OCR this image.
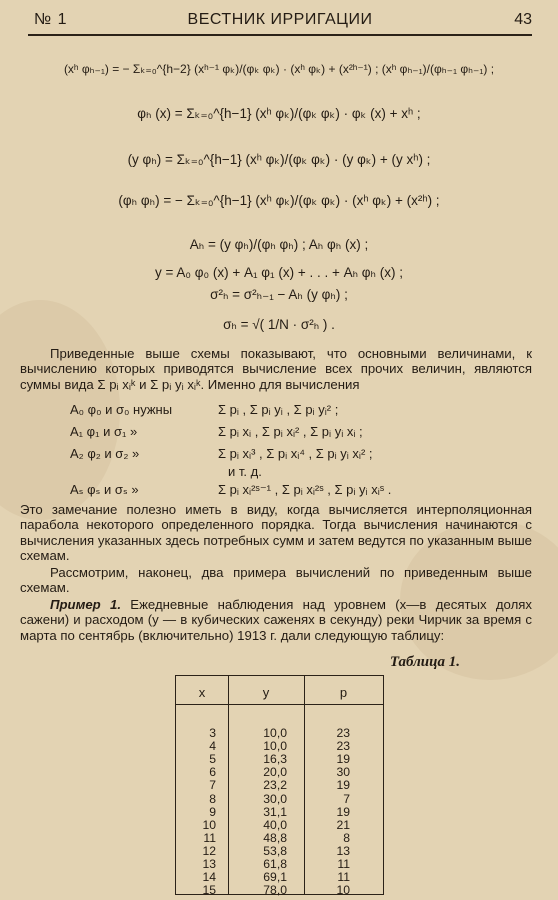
№ 1	ВЕСТНИК ИРРИГАЦИИ	43
(xʰ φₕ₋₁) = − Σₖ₌₀^{h−2} (xʰ⁻¹ φₖ)/(φₖ φₖ) · (xʰ φₖ) + (x²ʰ⁻¹) ; (xʰ φₕ₋₁)/(φₕ₋₁ φₕ₋₁) ;
φₕ (x) = Σₖ₌₀^{h−1} (xʰ φₖ)/(φₖ φₖ) · φₖ (x) + xʰ ;
(y φₕ) = Σₖ₌₀^{h−1} (xʰ φₖ)/(φₖ φₖ) · (y φₖ) + (y xʰ) ;
(φₕ φₕ) = − Σₖ₌₀^{h−1} (xʰ φₖ)/(φₖ φₖ) · (xʰ φₖ) + (x²ʰ) ;
Aₕ = (y φₕ)/(φₕ φₕ) ; Aₕ φₕ (x) ;
y = A₀ φ₀ (x) + A₁ φ₁ (x) + . . . + Aₕ φₕ (x) ;
σ²ₕ = σ²ₕ₋₁ − Aₕ (y φₕ) ;
σₕ = √( 1/N · σ²ₕ ) .
Приведенные выше схемы показывают, что основными величинами, к вычислению которых приводятся вычисление всех прочих величин, являются суммы вида Σ pᵢ xᵢᵏ и Σ pᵢ yᵢ xᵢᵏ. Именно для вычисления
A₀ φ₀ и σ₀ нужны	Σ pᵢ , Σ pᵢ yᵢ , Σ pᵢ yᵢ² ;
A₁ φ₁ и σ₁ »	Σ pᵢ xᵢ , Σ pᵢ xᵢ² , Σ pᵢ yᵢ xᵢ ;
A₂ φ₂ и σ₂ »	Σ pᵢ xᵢ³ , Σ pᵢ xᵢ⁴ , Σ pᵢ yᵢ xᵢ² ;
и т. д.
Aₛ φₛ и σₛ »	Σ pᵢ xᵢ²ˢ⁻¹ , Σ pᵢ xᵢ²ˢ , Σ pᵢ yᵢ xᵢˢ .
Это замечание полезно иметь в виду, когда вычисляется интерполяционная парабола некоторого определенного порядка. Тогда вычисления начинаются с вычисления указанных здесь потребных сумм и затем ведутся по указанным выше схемам.
Рассмотрим, наконец, два примера вычислений по приведенным выше схемам.
Пример 1. Ежедневные наблюдения над уровнем (x—в десятых долях сажени) и расходом (y — в кубических саженях в секунду) реки Чирчик за время с марта по сентябрь (включительно) 1913 г. дали следующую таблицу:
Таблица 1.
x	y	p
3	10,0	23
4	10,0	23
5	16,3	19
6	20,0	30
7	23,2	19
8	30,0	7
9	31,1	19
10	40,0	21
11	48,8	8
12	53,8	13
13	61,8	11
14	69,1	11
15	78,0	10
